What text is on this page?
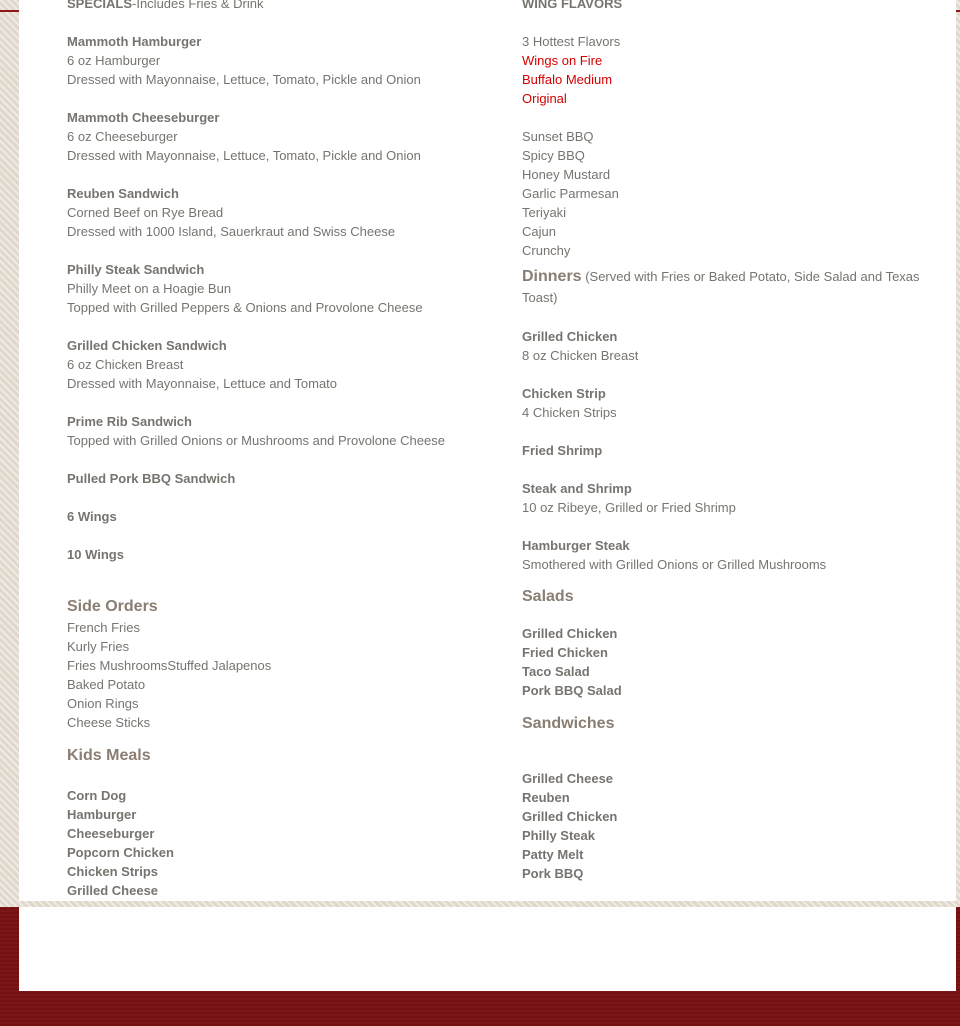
SPECIALS-Includes Fries & Drink
Mammoth Hamburger
6 oz Hamburger
Dressed with Mayonnaise, Lettuce, Tomato, Pickle and Onion
Mammoth Cheeseburger
6 oz Cheeseburger
Dressed with Mayonnaise, Lettuce, Tomato, Pickle and Onion
Reuben Sandwich
Corned Beef on Rye Bread
Dressed with 1000 Island, Sauerkraut and Swiss Cheese
Philly Steak Sandwich
Philly Meet on a Hoagie Bun
Topped with Grilled Peppers & Onions and Provolone Cheese
Grilled Chicken Sandwich
6 oz Chicken Breast
Dressed with Mayonnaise, Lettuce and Tomato
Prime Rib Sandwich
Topped with Grilled Onions or Mushrooms and Provolone Cheese
Pulled Pork BBQ Sandwich
6 Wings
10 Wings
Side Orders
French Fries
Kurly Fries
Fries MushroomsStuffed Jalapenos
Baked Potato
Onion Rings
Cheese Sticks
Kids Meals
Corn Dog
Hamburger
Cheeseburger
Popcorn Chicken
Chicken Strips
Grilled Cheese
WING FLAVORS
3 Hottest Flavors
Wings on Fire
Buffalo Medium
Original
Sunset BBQ
Spicy BBQ
Honey Mustard
Garlic Parmesan
Teriyaki
Cajun
Crunchy
Dinners (Served with Fries or Baked Potato, Side Salad and Texas Toast)
Grilled Chicken
8 oz Chicken Breast
Chicken Strip
4 Chicken Strips
Fried Shrimp
Steak and Shrimp
10 oz Ribeye, Grilled or Fried Shrimp
Hamburger Steak
Smothered with Grilled Onions or Grilled Mushrooms
Salads
Grilled Chicken
Fried Chicken
Taco Salad
Pork BBQ Salad
Sandwiches
Grilled Cheese
Reuben
Grilled Chicken
Philly Steak
Patty Melt
Pork BBQ
